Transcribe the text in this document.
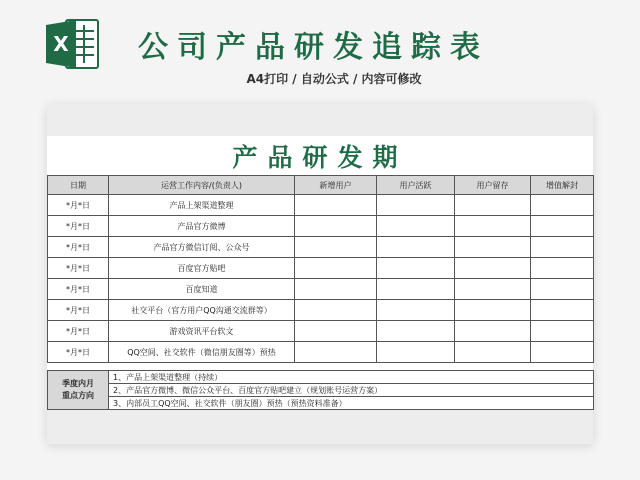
X 公司产品研发追踪表
A4打印 / 自动公式 / 内容可修改
产品研发期
日期	运营工作内容/(负责人)	新增用户	用户活跃	用户留存	增值解封
*月*日	产品上架渠道整理				
*月*日	产品官方微博				
*月*日	产品官方微信订阅、公众号				
*月*日	百度官方贴吧				
*月*日	百度知道				
*月*日	社交平台（官方用户QQ沟通交流群等）				
*月*日	游戏资讯平台软文				
*月*日	QQ空间、社交软件（微信朋友圈等）预热				
季度内月
重点方向
	1、产品上架渠道整理（持续）
2、产品官方微博、微信公众平台、百度官方贴吧建立（规划账号运营方案）
3、内部员工QQ空间、社交软件（朋友圈）预热（预热资料准备）
